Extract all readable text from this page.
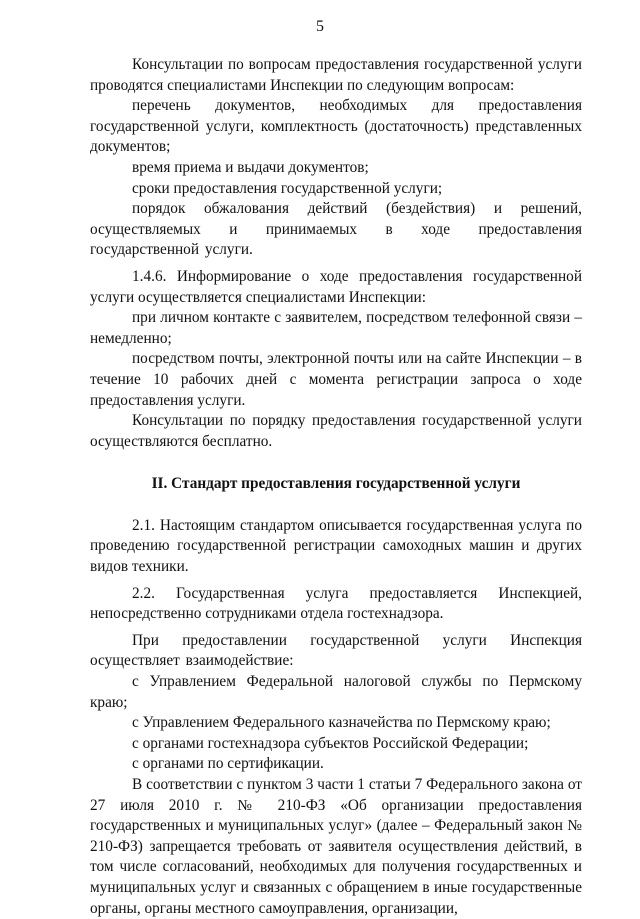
5

Консультации по вопросам предоставления государственной услуги проводятся специалистами Инспекции по следующим вопросам:

перечень документов, необходимых для предоставления государственной услуги, комплектность (достаточность) представленных документов;

время приема и выдачи документов;

сроки предоставления государственной услуги;

порядок обжалования действий (бездействия) и решений, осуществляемых и принимаемых в ходе предоставления государственной услуги.

1.4.6. Информирование о ходе предоставления государственной услуги осуществляется специалистами Инспекции:

при личном контакте с заявителем, посредством телефонной связи – немедленно;

посредством почты, электронной почты или на сайте Инспекции – в течение 10 рабочих дней с момента регистрации запроса о ходе предоставления услуги.

Консультации по порядку предоставления государственной услуги осуществляются бесплатно.

II. Стандарт предоставления государственной услуги

2.1. Настоящим стандартом описывается государственная услуга по проведению государственной регистрации самоходных машин и других видов техники.

2.2. Государственная услуга предоставляется Инспекцией, непосредственно сотрудниками отдела гостехнадзора.

При предоставлении государственной услуги Инспекция осуществляет взаимодействие:

с Управлением Федеральной налоговой службы по Пермскому краю;

с Управлением Федерального казначейства по Пермскому краю;

с органами гостехнадзора субъектов Российской Федерации;

с органами по сертификации.

В соответствии с пунктом 3 части 1 статьи 7 Федерального закона от 27 июля 2010 г. № 210-ФЗ «Об организации предоставления государственных и муниципальных услуг» (далее – Федеральный закон № 210-ФЗ) запрещается требовать от заявителя осуществления действий, в том числе согласований, необходимых для получения государственных и муниципальных услуг и связанных с обращением в иные государственные органы, органы местного самоуправления, организации,
